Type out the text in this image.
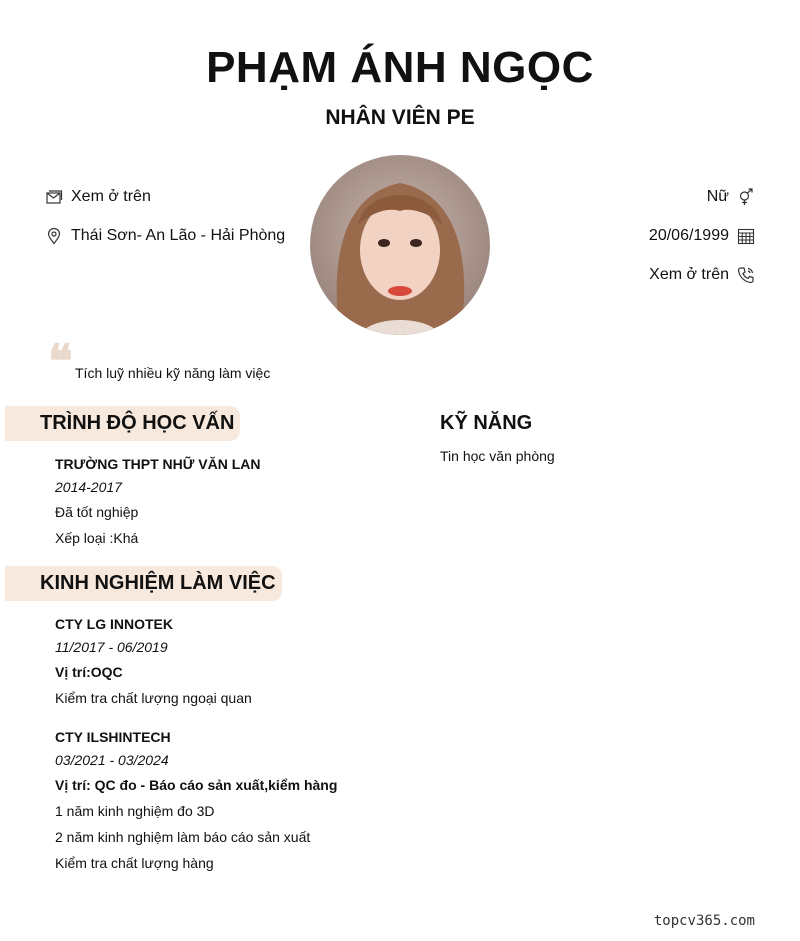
PHẠM ÁNH NGỌC
NHÂN VIÊN PE
Xem ở trên
Thái Sơn- An Lão - Hải Phòng
Nữ
20/06/1999
Xem ở trên
❝ Tích luỹ nhiều kỹ năng làm việc
TRÌNH ĐỘ HỌC VẤN
TRƯỜNG THPT NHỮ VĂN LAN
2014-2017
Đã tốt nghiệp
Xếp loại :Khá
KỸ NĂNG
Tin học văn phòng
KINH NGHIỆM LÀM VIỆC
CTY LG INNOTEK
11/2017 - 06/2019
Vị trí:OQC
Kiểm tra chất lượng ngoại quan
CTY ILSHINTECH
03/2021 - 03/2024
Vị trí: QC đo - Báo cáo sản xuất,kiểm hàng
1 năm kinh nghiệm đo 3D
2 năm kinh nghiệm làm báo cáo sản xuất
Kiểm tra chất lượng hàng
topcv365.com
